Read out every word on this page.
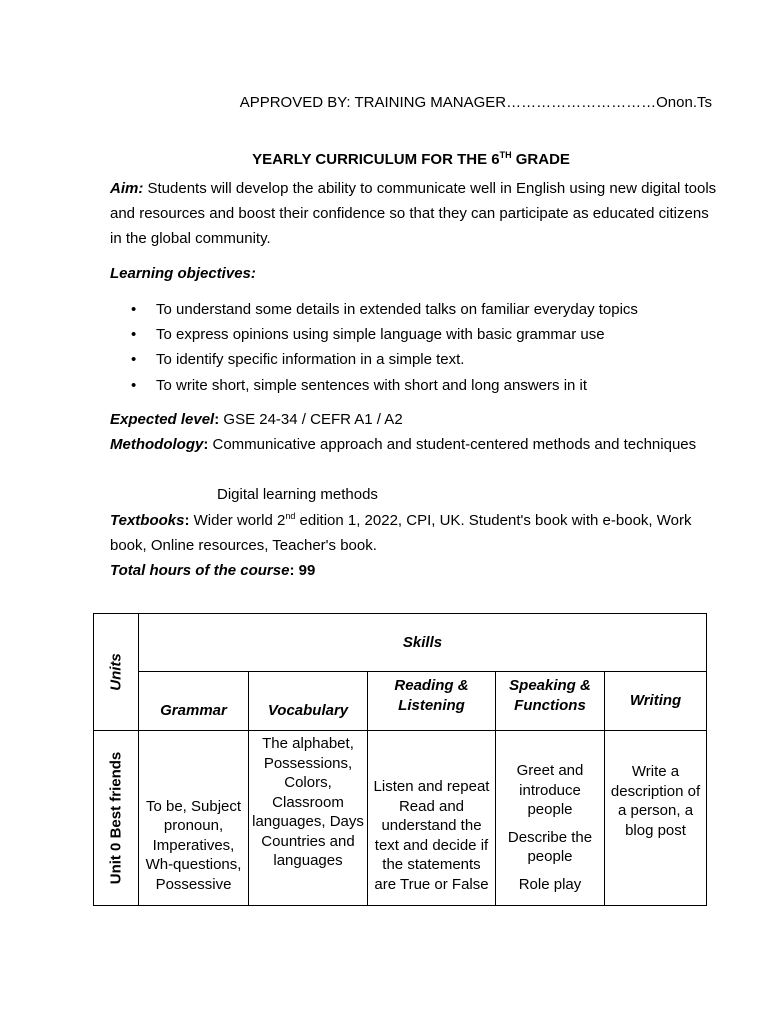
APPROVED BY: TRAINING MANAGER…………………………Onon.Ts
YEARLY CURRICULUM FOR THE 6TH GRADE
Aim: Students will develop the ability to communicate well in English using new digital tools and resources and boost their confidence so that they can participate as educated citizens in the global community.
Learning objectives:
• To understand some details in extended talks on familiar everyday topics
• To express opinions using simple language with basic grammar use
• To identify specific information in a simple text.
• To write short, simple sentences with short and long answers in it
Expected level: GSE 24-34 / CEFR A1 / A2
Methodology: Communicative approach and student-centered methods and techniques
Digital learning methods
Textbooks: Wider world 2nd edition 1, 2022, CPI, UK. Student's book with e-book, Work book, Online resources, Teacher's book.
Total hours of the course: 99
Units	Skills				
	Grammar	Vocabulary	Reading & Listening	Speaking & Functions	Writing

Unit 0 Best friends	To be, Subject pronoun, Imperatives, Wh-questions, Possessive	The alphabet, Possessions, Colors, Classroom languages, Days Countries and languages	Listen and repeat Read and understand the text and decide if the statements are True or False	Greet and introduce people
Describe the people
Role play	Write a description of a person, a blog post
